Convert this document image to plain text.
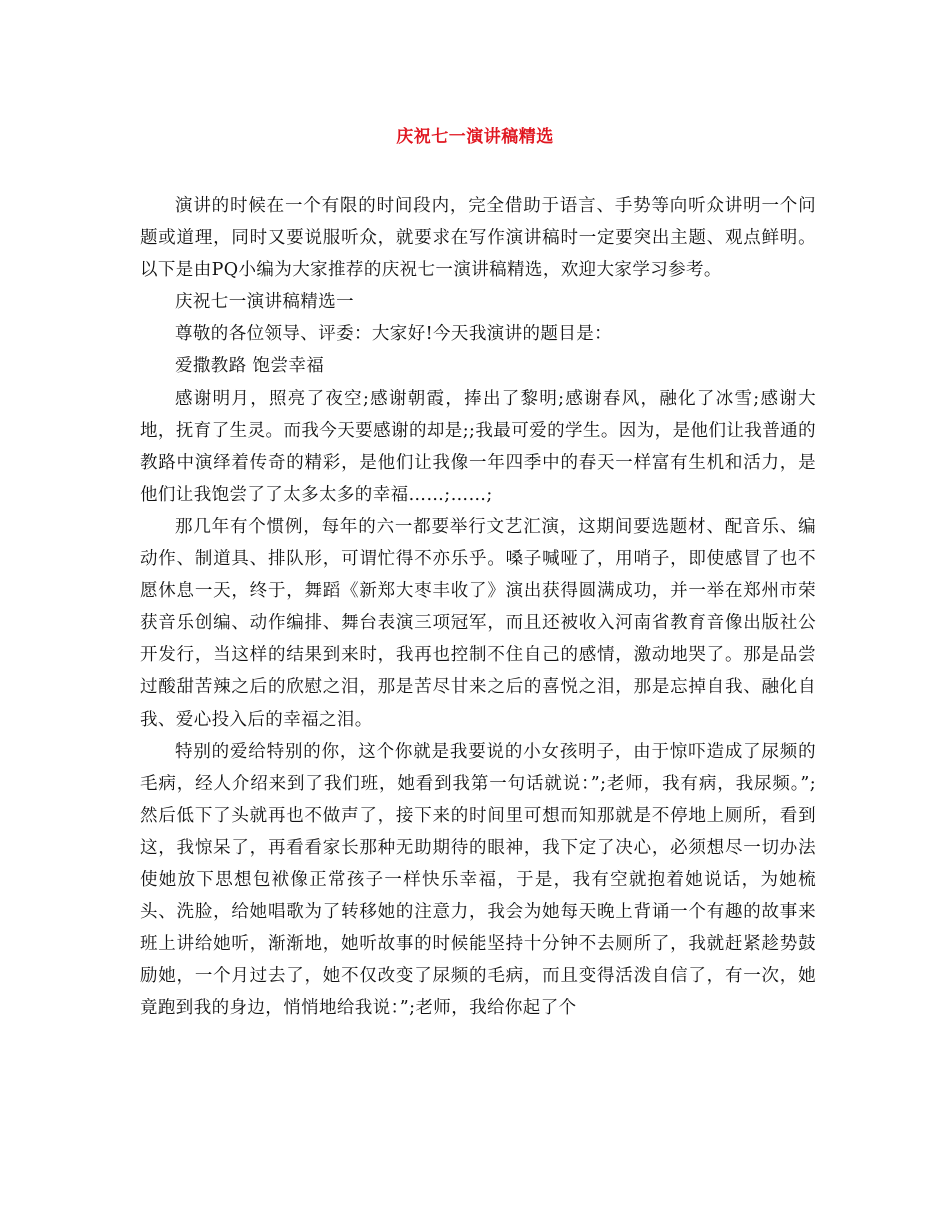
庆祝七一演讲稿精选

演讲的时候在一个有限的时间段内，完全借助于语言、手势等向听众讲明一个问题或道理，同时又要说服听众，就要求在写作演讲稿时一定要突出主题、观点鲜明。以下是由PQ小编为大家推荐的庆祝七一演讲稿精选，欢迎大家学习参考。

庆祝七一演讲稿精选一

尊敬的各位领导、评委：大家好!今天我演讲的题目是：

爱撒教路 饱尝幸福

感谢明月，照亮了夜空;感谢朝霞，捧出了黎明;感谢春风，融化了冰雪;感谢大地，抚育了生灵。而我今天要感谢的却是;;我最可爱的学生。因为，是他们让我普通的教路中演绎着传奇的精彩，是他们让我像一年四季中的春天一样富有生机和活力，是他们让我饱尝了了太多太多的幸福……;……;

那几年有个惯例，每年的六一都要举行文艺汇演，这期间要选题材、配音乐、编动作、制道具、排队形，可谓忙得不亦乐乎。嗓子喊哑了，用哨子，即使感冒了也不愿休息一天，终于，舞蹈《新郑大枣丰收了》演出获得圆满成功，并一举在郑州市荣获音乐创编、动作编排、舞台表演三项冠军，而且还被收入河南省教育音像出版社公开发行，当这样的结果到来时，我再也控制不住自己的感情，激动地哭了。那是品尝过酸甜苦辣之后的欣慰之泪，那是苦尽甘来之后的喜悦之泪，那是忘掉自我、融化自我、爱心投入后的幸福之泪。

特别的爱给特别的你，这个你就是我要说的小女孩明子，由于惊吓造成了尿频的毛病，经人介绍来到了我们班，她看到我第一句话就说：”;老师，我有病，我尿频。”;然后低下了头就再也不做声了，接下来的时间里可想而知那就是不停地上厕所，看到这，我惊呆了，再看看家长那种无助期待的眼神，我下定了决心，必须想尽一切办法使她放下思想包袱像正常孩子一样快乐幸福，于是，我有空就抱着她说话，为她梳头、洗脸，给她唱歌为了转移她的注意力，我会为她每天晚上背诵一个有趣的故事来班上讲给她听，渐渐地，她听故事的时候能坚持十分钟不去厕所了，我就赶紧趁势鼓励她，一个月过去了，她不仅改变了尿频的毛病，而且变得活泼自信了，有一次，她竟跑到我的身边，悄悄地给我说：”;老师，我给你起了个
